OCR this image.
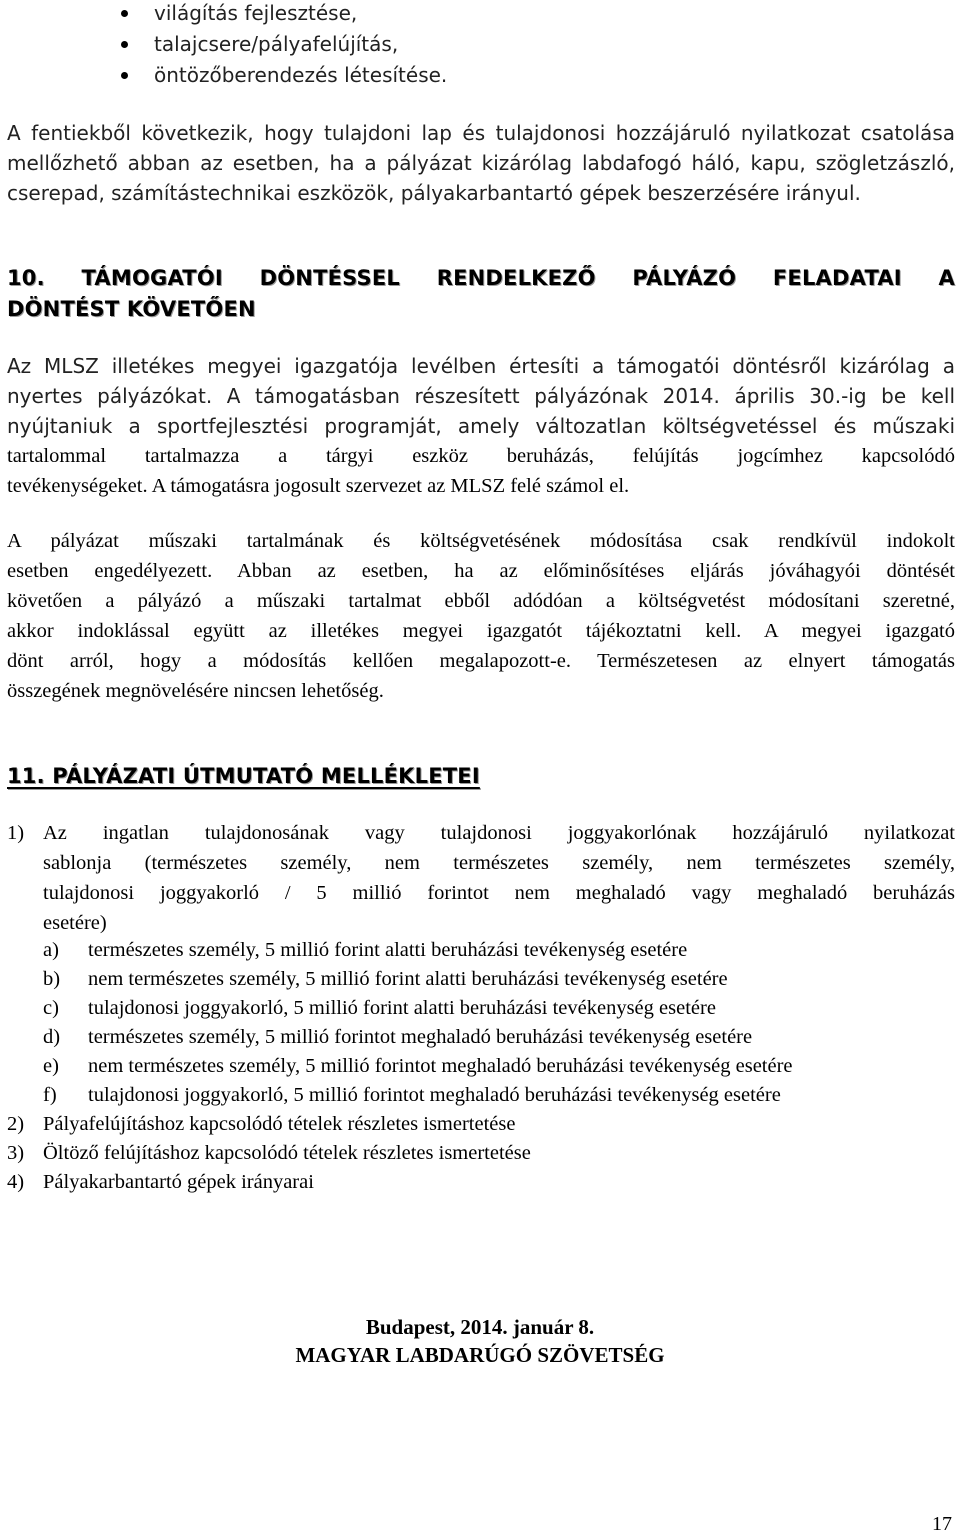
világítás fejlesztése,
talajcsere/pályafelújítás,
öntözőberendezés létesítése.
A fentiekből következik, hogy tulajdoni lap és tulajdonosi hozzájáruló nyilatkozat csatolása
mellőzhető abban az esetben, ha a pályázat kizárólag labdafogó háló, kapu, szögletzászló,
cserepad, számítástechnikai eszközök, pályakarbantartó gépek beszerzésére irányul.
10. TÁMOGATÓI DÖNTÉSSEL RENDELKEZŐ PÁLYÁZÓ FELADATAI A
DÖNTÉST KÖVETŐEN
Az MLSZ illetékes megyei igazgatója levélben értesíti a támogatói döntésről kizárólag a
nyertes pályázókat. A támogatásban részesített pályázónak 2014. április 30.-ig be kell
nyújtaniuk a sportfejlesztési programját, amely változatlan költségvetéssel és műszaki
tartalommal tartalmazza a tárgyi eszköz beruházás, felújítás jogcímhez kapcsolódó
tevékenységeket. A támogatásra jogosult szervezet az MLSZ felé számol el.
A pályázat műszaki tartalmának és költségvetésének módosítása csak rendkívül indokolt
esetben engedélyezett. Abban az esetben, ha az előminősítéses eljárás jóváhagyói döntését
követően a pályázó a műszaki tartalmat ebből adódóan a költségvetést módosítani szeretné,
akkor indoklással együtt az illetékes megyei igazgatót tájékoztatni kell. A megyei igazgató
dönt arról, hogy a módosítás kellően megalapozott-e. Természetesen az elnyert támogatás
összegének megnövelésére nincsen lehetőség.
11. PÁLYÁZATI ÚTMUTATÓ MELLÉKLETEI
1) Az ingatlan tulajdonosának vagy tulajdonosi joggyakorlónak hozzájáruló nyilatkozat
sablonja (természetes személy, nem természetes személy, nem természetes személy,
tulajdonosi joggyakorló / 5 millió forintot nem meghaladó vagy meghaladó beruházás
esetére)
a) természetes személy, 5 millió forint alatti beruházási tevékenység esetére
b) nem természetes személy, 5 millió forint alatti beruházási tevékenység esetére
c) tulajdonosi joggyakorló, 5 millió forint alatti beruházási tevékenység esetére
d) természetes személy, 5 millió forintot meghaladó beruházási tevékenység esetére
e) nem természetes személy, 5 millió forintot meghaladó beruházási tevékenység esetére
f) tulajdonosi joggyakorló, 5 millió forintot meghaladó beruházási tevékenység esetére
2) Pályafelújításhoz kapcsolódó tételek részletes ismertetése
3) Öltöző felújításhoz kapcsolódó tételek részletes ismertetése
4) Pályakarbantartó gépek irányarai
Budapest, 2014. január 8.
MAGYAR LABDARÚGÓ SZÖVETSÉG
17
